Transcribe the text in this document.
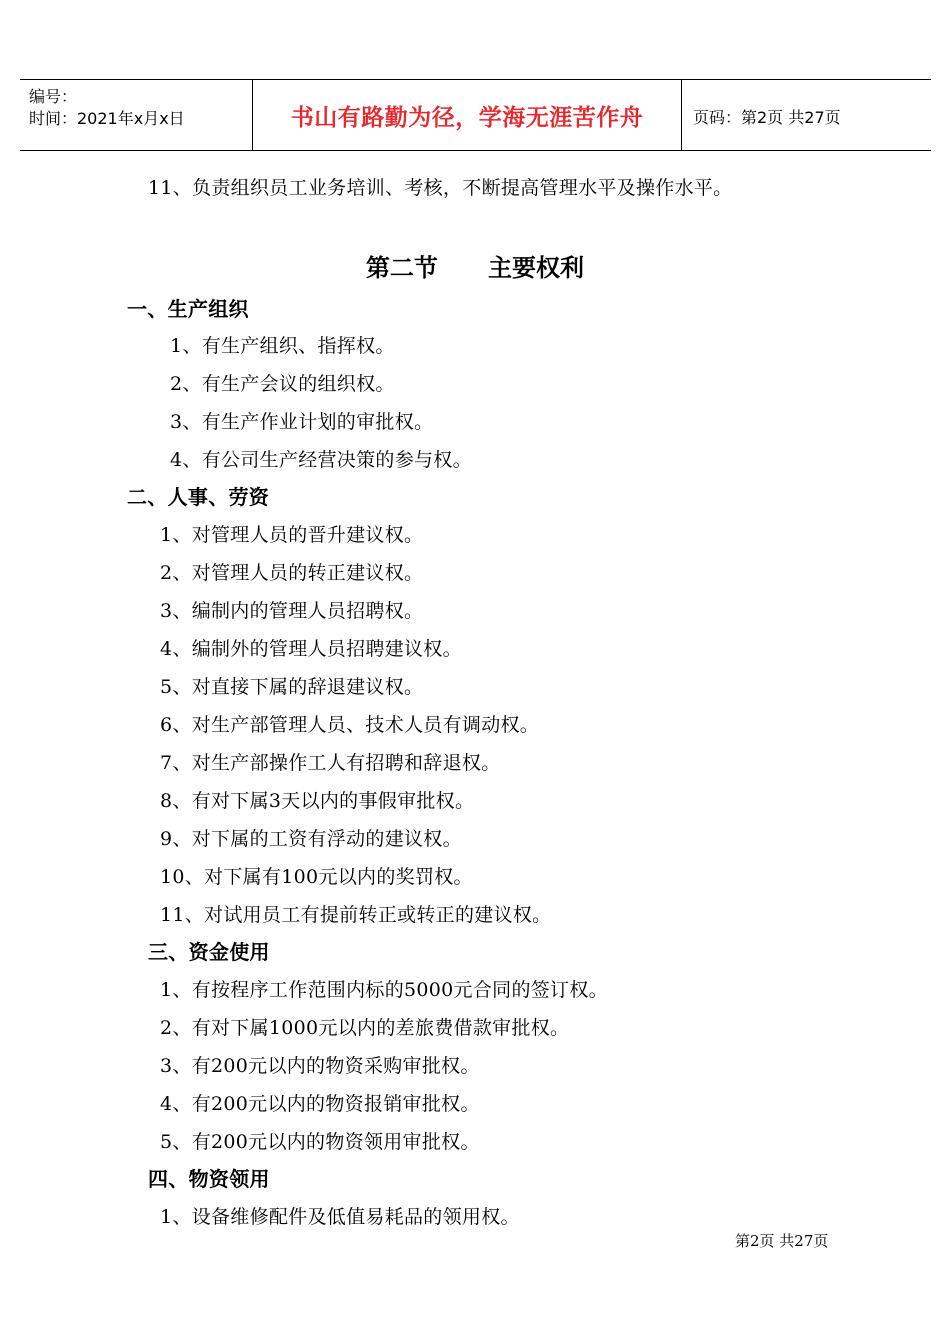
编号：
时间：2021年x月x日	书山有路勤为径，学海无涯苦作舟	页码：第2页 共27页
11、负责组织员工业务培训、考核，不断提高管理水平及操作水平。
第二节      主要权利
一、生产组织
1、有生产组织、指挥权。
2、有生产会议的组织权。
3、有生产作业计划的审批权。
4、有公司生产经营决策的参与权。
二、人事、劳资
1、对管理人员的晋升建议权。
2、对管理人员的转正建议权。
3、编制内的管理人员招聘权。
4、编制外的管理人员招聘建议权。
5、对直接下属的辞退建议权。
6、对生产部管理人员、技术人员有调动权。
7、对生产部操作工人有招聘和辞退权。
8、有对下属3天以内的事假审批权。
9、对下属的工资有浮动的建议权。
10、对下属有100元以内的奖罚权。
11、对试用员工有提前转正或转正的建议权。
三、资金使用
1、有按程序工作范围内标的5000元合同的签订权。
2、有对下属1000元以内的差旅费借款审批权。
3、有200元以内的物资采购审批权。
4、有200元以内的物资报销审批权。
5、有200元以内的物资领用审批权。
四、物资领用
1、设备维修配件及低值易耗品的领用权。
第2页 共27页
